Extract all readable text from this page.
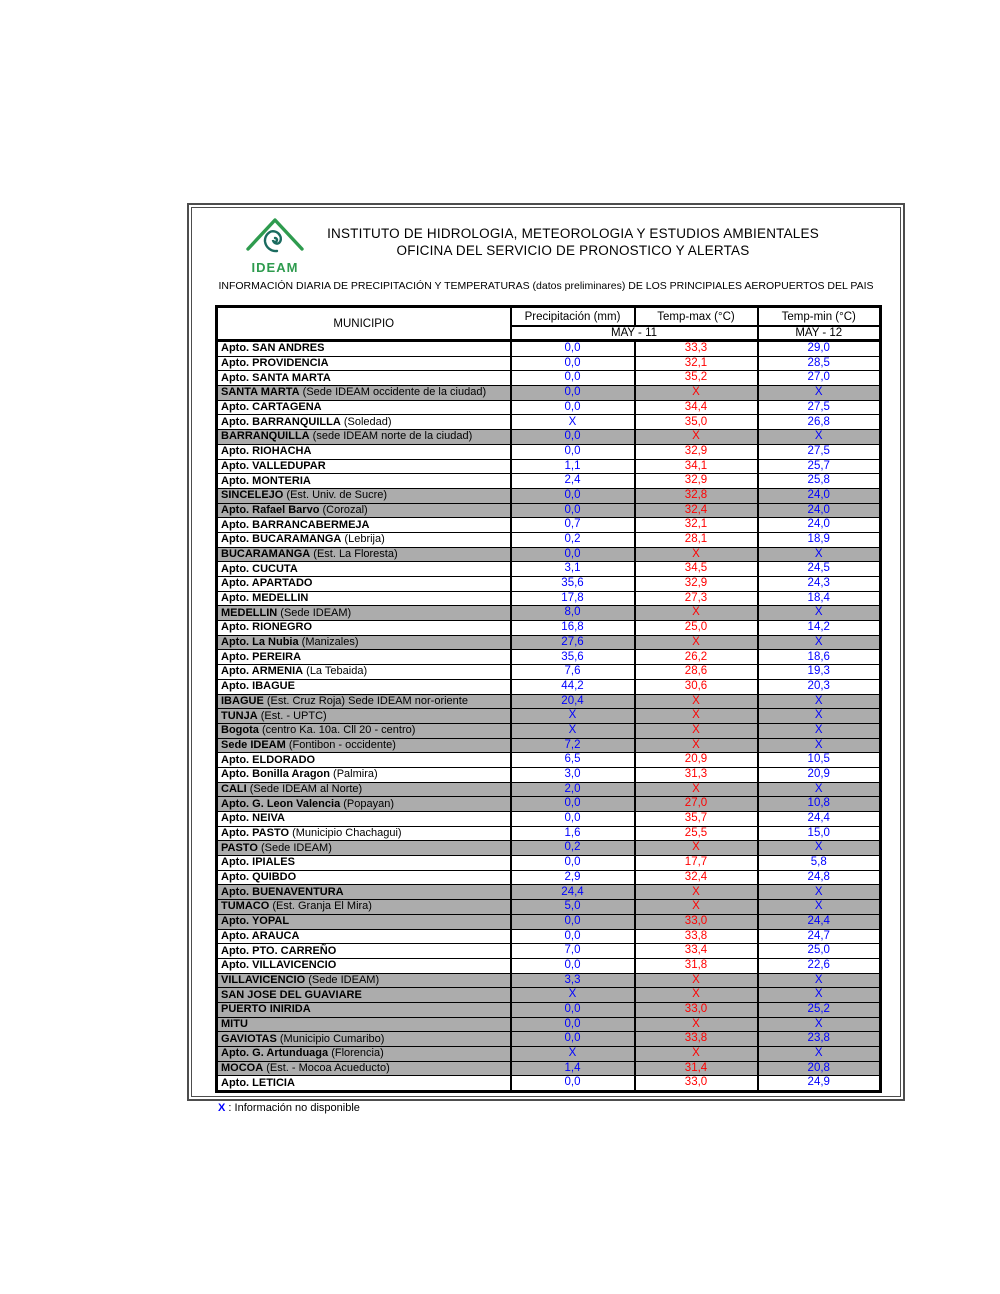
IDEAM
INSTITUTO DE HIDROLOGIA, METEOROLOGIA Y ESTUDIOS AMBIENTALES
OFICINA DEL SERVICIO DE PRONOSTICO Y ALERTAS
INFORMACIÓN DIARIA DE PRECIPITACIÓN Y TEMPERATURAS (datos preliminares) DE LOS PRINCIPIALES AEROPUERTOS DEL PAIS
MUNICIPIO	Precipitación (mm)	Temp-max (°C)	Temp-min (°C)
	MAY - 11		MAY - 12
Apto. SAN ANDRES	0,0	33,3	29,0
Apto. PROVIDENCIA	0,0	32,1	28,5
Apto. SANTA MARTA	0,0	35,2	27,0
SANTA MARTA (Sede IDEAM occidente de la ciudad)	0,0	X	X
Apto. CARTAGENA	0,0	34,4	27,5
Apto. BARRANQUILLA (Soledad)	X	35,0	26,8
BARRANQUILLA (sede IDEAM norte de la ciudad)	0,0	X	X
Apto. RIOHACHA	0,0	32,9	27,5
Apto. VALLEDUPAR	1,1	34,1	25,7
Apto. MONTERIA	2,4	32,9	25,8
SINCELEJO (Est. Univ. de Sucre)	0,0	32,8	24,0
Apto. Rafael Barvo (Corozal)	0,0	32,4	24,0
Apto. BARRANCABERMEJA	0,7	32,1	24,0
Apto. BUCARAMANGA (Lebrija)	0,2	28,1	18,9
BUCARAMANGA (Est. La Floresta)	0,0	X	X
Apto. CUCUTA	3,1	34,5	24,5
Apto. APARTADO	35,6	32,9	24,3
Apto. MEDELLIN	17,8	27,3	18,4
MEDELLIN (Sede IDEAM)	8,0	X	X
Apto. RIONEGRO	16,8	25,0	14,2
Apto. La Nubia (Manizales)	27,6	X	X
Apto. PEREIRA	35,6	26,2	18,6
Apto. ARMENIA (La Tebaida)	7,6	28,6	19,3
Apto. IBAGUE	44,2	30,6	20,3
IBAGUE (Est. Cruz Roja) Sede IDEAM nor-oriente	20,4	X	X
TUNJA (Est. - UPTC)	X	X	X
Bogota (centro Ka. 10a. Cll 20 - centro)	X	X	X
Sede IDEAM (Fontibon - occidente)	7,2	X	X
Apto. ELDORADO	6,5	20,9	10,5
Apto. Bonilla Aragon (Palmira)	3,0	31,3	20,9
CALI (Sede IDEAM al Norte)	2,0	X	X
Apto. G. Leon Valencia (Popayan)	0,0	27,0	10,8
Apto. NEIVA	0,0	35,7	24,4
Apto. PASTO (Municipio Chachagui)	1,6	25,5	15,0
PASTO (Sede IDEAM)	0,2	X	X
Apto. IPIALES	0,0	17,7	5,8
Apto. QUIBDO	2,9	32,4	24,8
Apto. BUENAVENTURA	24,4	X	X
TUMACO (Est. Granja El Mira)	5,0	X	X
Apto. YOPAL	0,0	33,0	24,4
Apto. ARAUCA	0,0	33,8	24,7
Apto. PTO. CARREÑO	7,0	33,4	25,0
Apto. VILLAVICENCIO	0,0	31,8	22,6
VILLAVICENCIO (Sede IDEAM)	3,3	X	X
SAN JOSE DEL GUAVIARE	X	X	X
PUERTO INIRIDA	0,0	33,0	25,2
MITU	0,0	X	X
GAVIOTAS (Municipio Cumaribo)	0,0	33,8	23,8
Apto. G. Artunduaga (Florencia)	X	X	X
MOCOA (Est. - Mocoa Acueducto)	1,4	31,4	20,8
Apto. LETICIA	0,0	33,0	24,9
X : Información no disponible
